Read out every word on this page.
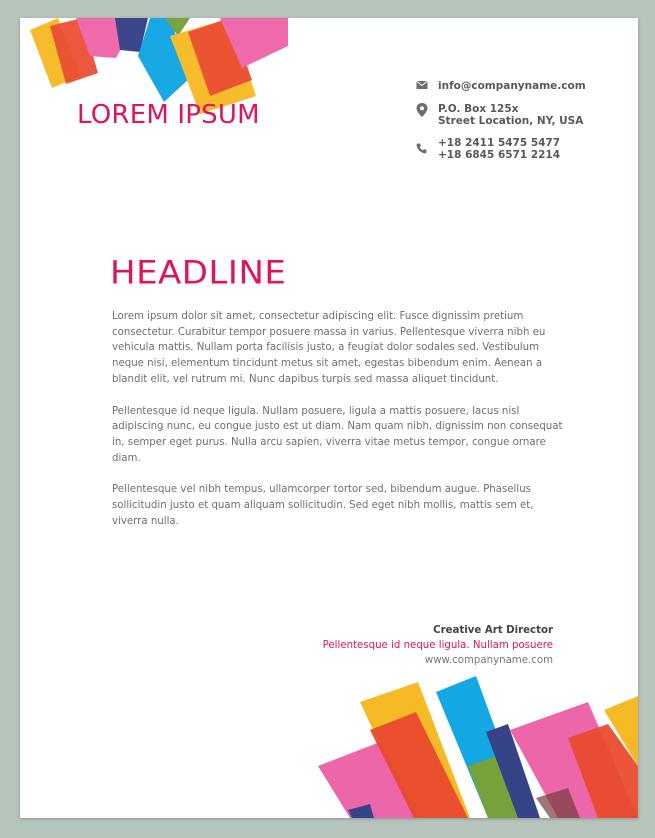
LOREM IPSUM
info@companyname.com
P.O. Box 125x
Street Location, NY, USA
+18 2411 5475 5477
+18 6845 6571 2214
HEADLINE

Lorem ipsum dolor sit amet, consectetur adipiscing elit. Fusce dignissim pretium consectetur. Curabitur tempor posuere massa in varius. Pellentesque viverra nibh eu vehicula mattis. Nullam porta facilisis justo, a feugiat dolor sodales sed. Vestibulum neque nisi, elementum tincidunt metus sit amet, egestas bibendum enim. Aenean a blandit elit, vel rutrum mi. Nunc dapibus turpis sed massa aliquet tincidunt.

Pellentesque id neque ligula. Nullam posuere, ligula a mattis posuere, lacus nisl adipiscing nunc, eu congue justo est ut diam. Nam quam nibh, dignissim non consequat in, semper eget purus. Nulla arcu sapien, viverra vitae metus tempor, congue ornare diam.

Pellentesque vel nibh tempus, ullamcorper tortor sed, bibendum augue. Phasellus sollicitudin justo et quam aliquam sollicitudin. Sed eget nibh mollis, mattis sem et, viverra nulla.

Creative Art Director
Pellentesque id neque ligula. Nullam posuere
www.companyname.com
